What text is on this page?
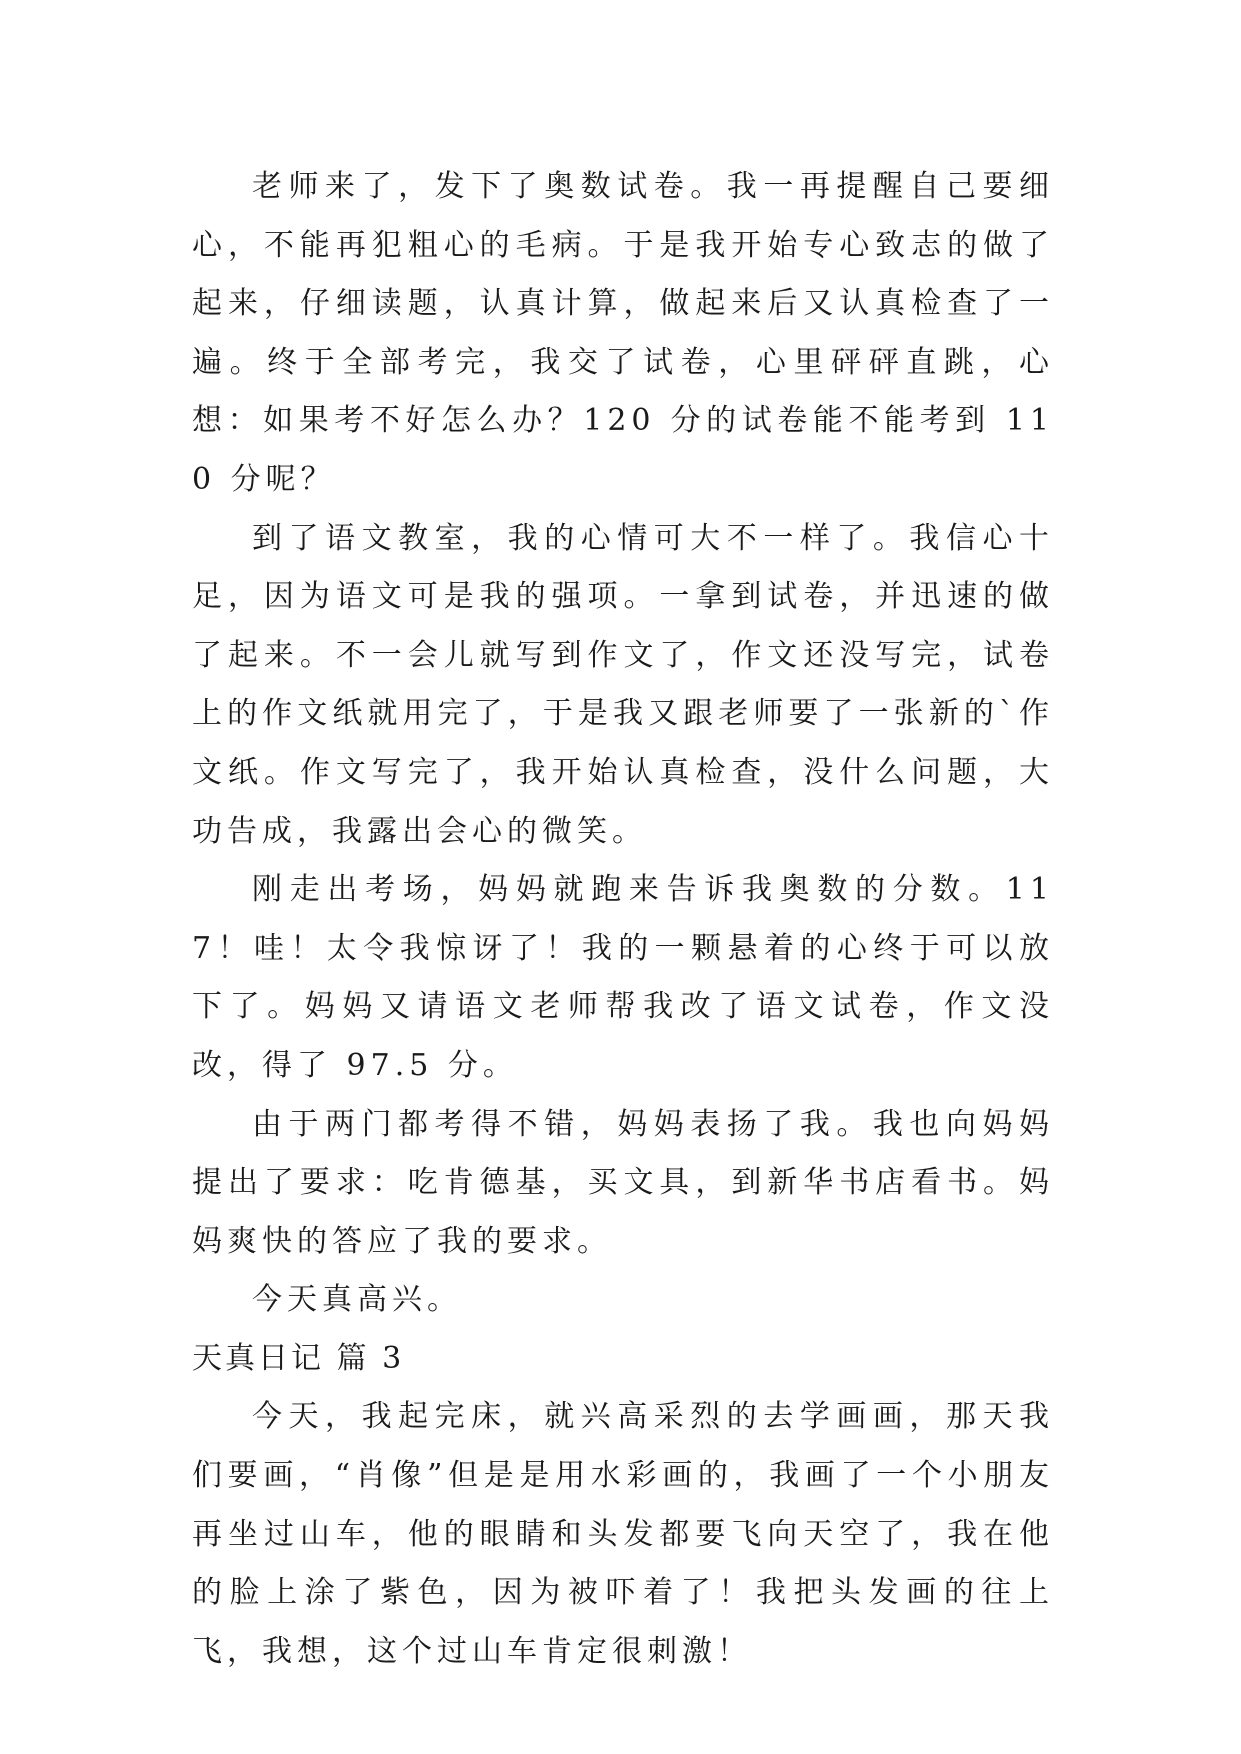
老师来了，发下了奥数试卷。我一再提醒自己要细心，不能再犯粗心的毛病。于是我开始专心致志的做了起来，仔细读题，认真计算，做起来后又认真检查了一遍。终于全部考完，我交了试卷，心里砰砰直跳，心想：如果考不好怎么办？120 分的试卷能不能考到 110 分呢？

到了语文教室，我的心情可大不一样了。我信心十足，因为语文可是我的强项。一拿到试卷，并迅速的做了起来。不一会儿就写到作文了，作文还没写完，试卷上的作文纸就用完了，于是我又跟老师要了一张新的`作文纸。作文写完了，我开始认真检查，没什么问题，大功告成，我露出会心的微笑。

刚走出考场，妈妈就跑来告诉我奥数的分数。117！哇！太令我惊讶了！我的一颗悬着的心终于可以放下了。妈妈又请语文老师帮我改了语文试卷，作文没改，得了 97.5 分。

由于两门都考得不错，妈妈表扬了我。我也向妈妈提出了要求：吃肯德基，买文具，到新华书店看书。妈妈爽快的答应了我的要求。

今天真高兴。

天真日记 篇 3

今天，我起完床，就兴高采烈的去学画画，那天我们要画，“肖像”但是是用水彩画的，我画了一个小朋友再坐过山车，他的眼睛和头发都要飞向天空了，我在他的脸上涂了紫色，因为被吓着了！我把头发画的往上飞，我想，这个过山车肯定很刺激！
